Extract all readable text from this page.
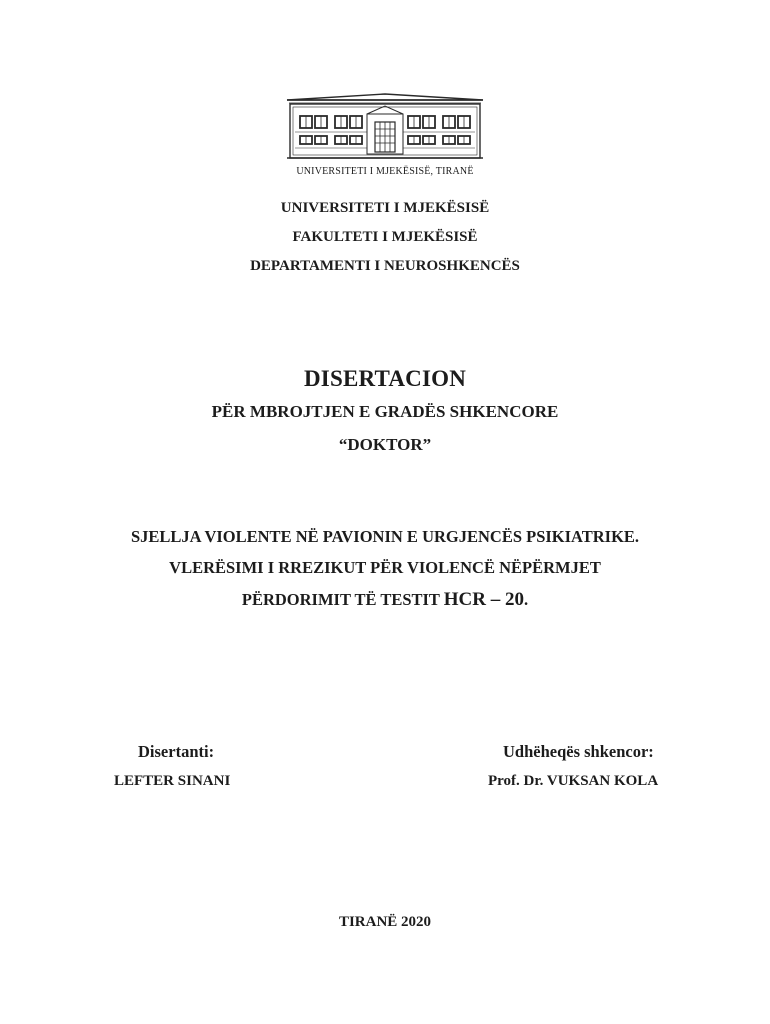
UNIVERSITETI I MJEKËSISË, TIRANË
UNIVERSITETI I MJEKËSISË
FAKULTETI I MJEKËSISË
DEPARTAMENTI I NEUROSHKENCËS
DISERTACION
PËR MBROJTJEN E GRADËS SHKENCORE
“DOKTOR”
SJELLJA VIOLENTE NË PAVIONIN E URGJENCËS PSIKIATRIKE.
VLERËSIMI I RREZIKUT PËR VIOLENCË NËPËRMJET
PËRDORIMIT TË TESTIT HCR – 20.
Disertanti:
LEFTER SINANI
Udhëheqës shkencor:
Prof. Dr. VUKSAN KOLA
TIRANË 2020
